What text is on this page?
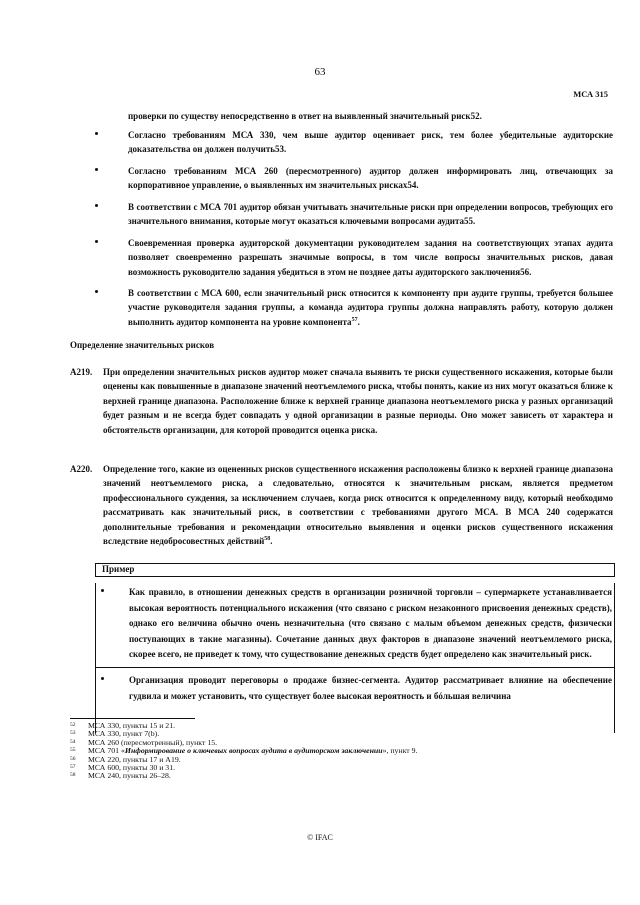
63
МСА 315
проверки по существу непосредственно в ответ на выявленный значительный риск52.
Согласно требованиям МСА 330, чем выше аудитор оценивает риск, тем более убедительные аудиторские доказательства он должен получить53.
Согласно требованиям МСА 260 (пересмотренного) аудитор должен информировать лиц, отвечающих за корпоративное управление, о выявленных им значительных рисках54.
В соответствии с МСА 701 аудитор обязан учитывать значительные риски при определении вопросов, требующих его значительного внимания, которые могут оказаться ключевыми вопросами аудита55.
Своевременная проверка аудиторской документации руководителем задания на соответствующих этапах аудита позволяет своевременно разрешать значимые вопросы, в том числе вопросы значительных рисков, давая возможность руководителю задания убедиться в этом не позднее даты аудиторского заключения56.
В соответствии с МСА 600, если значительный риск относится к компоненту при аудите группы, требуется большее участие руководителя задания группы, а команда аудитора группы должна направлять работу, которую должен выполнить аудитор компонента на уровне компонента$^{57}$.
Определение значительных рисков
A219. При определении значительных рисков аудитор может сначала выявить те риски существенного искажения, которые были оценены как повышенные в диапазоне значений неотъемлемого риска, чтобы понять, какие из них могут оказаться ближе к верхней границе диапазона. Расположение ближе к верхней границе диапазона неотъемлемого риска у разных организаций будет разным и не всегда будет совпадать у одной организации в разные периоды. Оно может зависеть от характера и обстоятельств организации, для которой проводится оценка риска.
A220. Определение того, какие из оцененных рисков существенного искажения расположены близко к верхней границе диапазона значений неотъемлемого риска, а следовательно, относятся к значительным рискам, является предметом профессионального суждения, за исключением случаев, когда риск относится к определенному виду, который необходимо рассматривать как значительный риск, в соответствии с требованиями другого МСА. В МСА 240 содержатся дополнительные требования и рекомендации относительно выявления и оценки рисков существенного искажения вследствие недобросовестных действий$^{58}$.
Пример
Как правило, в отношении денежных средств в организации розничной торговли – супермаркете устанавливается высокая вероятность потенциального искажения (что связано с риском незаконного присвоения денежных средств), однако его величина обычно очень незначительна (что связано с малым объемом денежных средств, физически поступающих в такие магазины). Сочетание данных двух факторов в диапазоне значений неотъемлемого риска, скорее всего, не приведет к тому, что существование денежных средств будет определено как значительный риск.
Организация проводит переговоры о продаже бизнес-сегмента. Аудитор рассматривает влияние на обеспечение гудвила и может установить, что существует более высокая вероятность и бóльшая величина
52 МСА 330, пункты 15 и 21.
53 МСА 330, пункт 7(b).
54 МСА 260 (пересмотренный), пункт 15.
55 МСА 701 «Информирование о ключевых вопросах аудита в аудиторском заключении», пункт 9.
56 МСА 220, пункты 17 и A19.
57 МСА 600, пункты 30 и 31.
58 МСА 240, пункты 26–28.
© IFAC
